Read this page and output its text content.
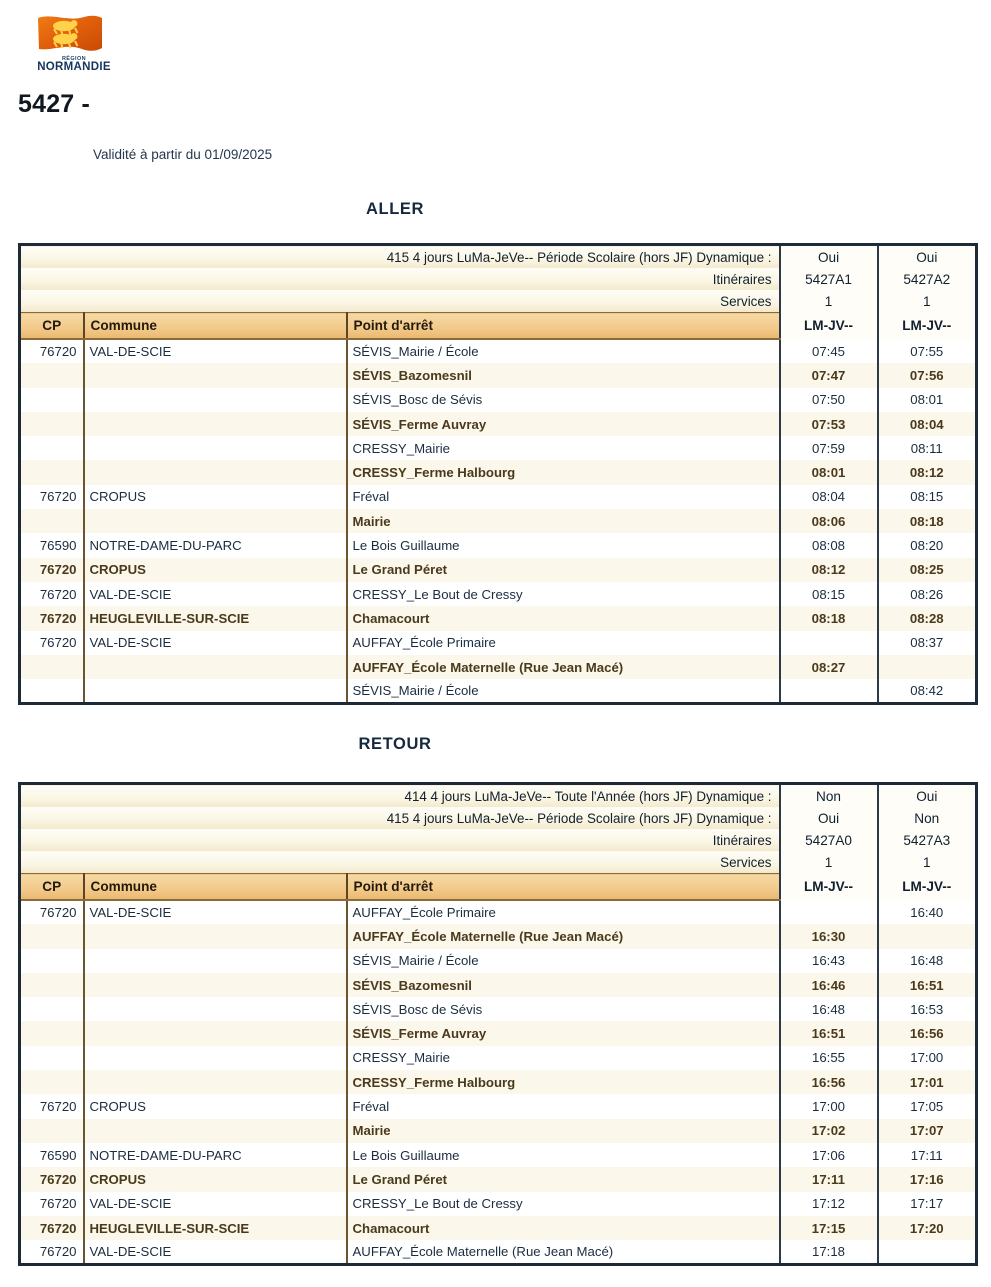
RÉGION
NORMANDIE
5427 -
Validité à partir du 01/09/2025
ALLER
RETOUR
415 4 jours LuMa-JeVe-- Période Scolaire (hors JF) Dynamique :			Oui	Oui
Itinéraires			5427A1	5427A2
Services			1	1
CP	Commune	Point d'arrêt	LM-JV--	LM-JV--
76720	VAL-DE-SCIE	SÉVIS_Mairie / École	07:45	07:55
		SÉVIS_Bazomesnil	07:47	07:56
		SÉVIS_Bosc de Sévis	07:50	08:01
		SÉVIS_Ferme Auvray	07:53	08:04
		CRESSY_Mairie	07:59	08:11
		CRESSY_Ferme Halbourg	08:01	08:12
76720	CROPUS	Fréval	08:04	08:15
		Mairie	08:06	08:18
76590	NOTRE-DAME-DU-PARC	Le Bois Guillaume	08:08	08:20
76720	CROPUS	Le Grand Péret	08:12	08:25
76720	VAL-DE-SCIE	CRESSY_Le Bout de Cressy	08:15	08:26
76720	HEUGLEVILLE-SUR-SCIE	Chamacourt	08:18	08:28
76720	VAL-DE-SCIE	AUFFAY_École Primaire		08:37
		AUFFAY_École Maternelle (Rue Jean Macé)	08:27	
		SÉVIS_Mairie / École		08:42
414 4 jours LuMa-JeVe-- Toute l'Année (hors JF) Dynamique :			Non	Oui
415 4 jours LuMa-JeVe-- Période Scolaire (hors JF) Dynamique :			Oui	Non
Itinéraires			5427A0	5427A3
Services			1	1
CP	Commune	Point d'arrêt	LM-JV--	LM-JV--
76720	VAL-DE-SCIE	AUFFAY_École Primaire		16:40
		AUFFAY_École Maternelle (Rue Jean Macé)	16:30	
		SÉVIS_Mairie / École	16:43	16:48
		SÉVIS_Bazomesnil	16:46	16:51
		SÉVIS_Bosc de Sévis	16:48	16:53
		SÉVIS_Ferme Auvray	16:51	16:56
		CRESSY_Mairie	16:55	17:00
		CRESSY_Ferme Halbourg	16:56	17:01
76720	CROPUS	Fréval	17:00	17:05
		Mairie	17:02	17:07
76590	NOTRE-DAME-DU-PARC	Le Bois Guillaume	17:06	17:11
76720	CROPUS	Le Grand Péret	17:11	17:16
76720	VAL-DE-SCIE	CRESSY_Le Bout de Cressy	17:12	17:17
76720	HEUGLEVILLE-SUR-SCIE	Chamacourt	17:15	17:20
76720	VAL-DE-SCIE	AUFFAY_École Maternelle (Rue Jean Macé)	17:18	
